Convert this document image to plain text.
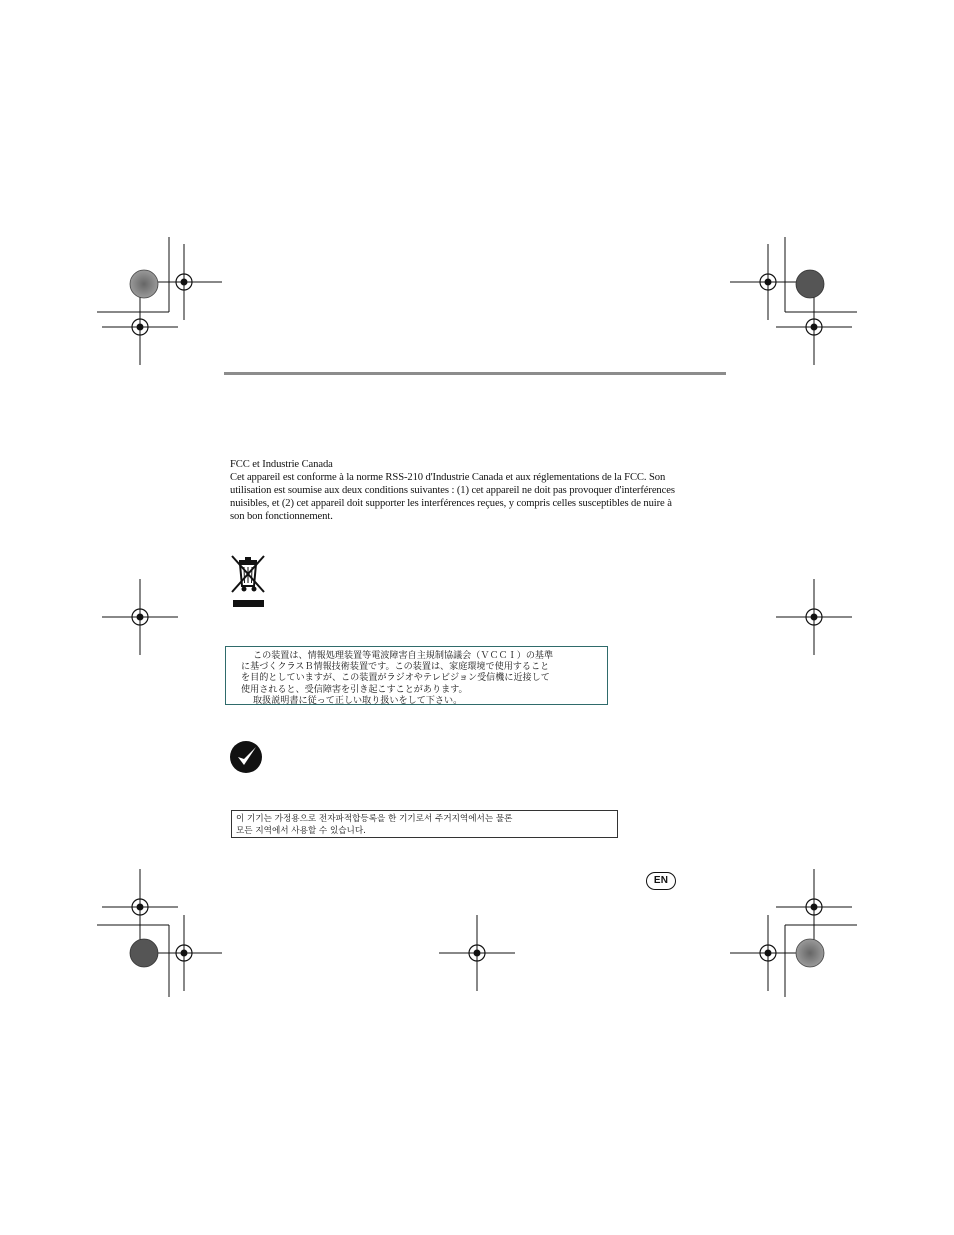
FCC et Industrie Canada

Cet appareil est conforme à la norme RSS-210 d'Industrie Canada et aux réglementations de la FCC. Son

utilisation est soumise aux deux conditions suivantes : (1) cet appareil ne doit pas provoquer d'interférences

nuisibles, et (2) cet appareil doit supporter les interférences reçues, y compris celles susceptibles de nuire à

son bon fonctionnement.

この装置は、情報処理装置等電波障害自主規制協議会（ＶＣＣＩ）の基準

に基づくクラスＢ情報技術装置です。この装置は、家庭環境で使用すること

を目的としていますが、この装置がラジオやテレビジョン受信機に近接して

使用されると、受信障害を引き起こすことがあります。

取扱説明書に従って正しい取り扱いをして下さい。

이 기기는 가정용으로 전자파적합등록을 한 기기로서 주거지역에서는 물론

모든 지역에서 사용할 수 있습니다.

EN
